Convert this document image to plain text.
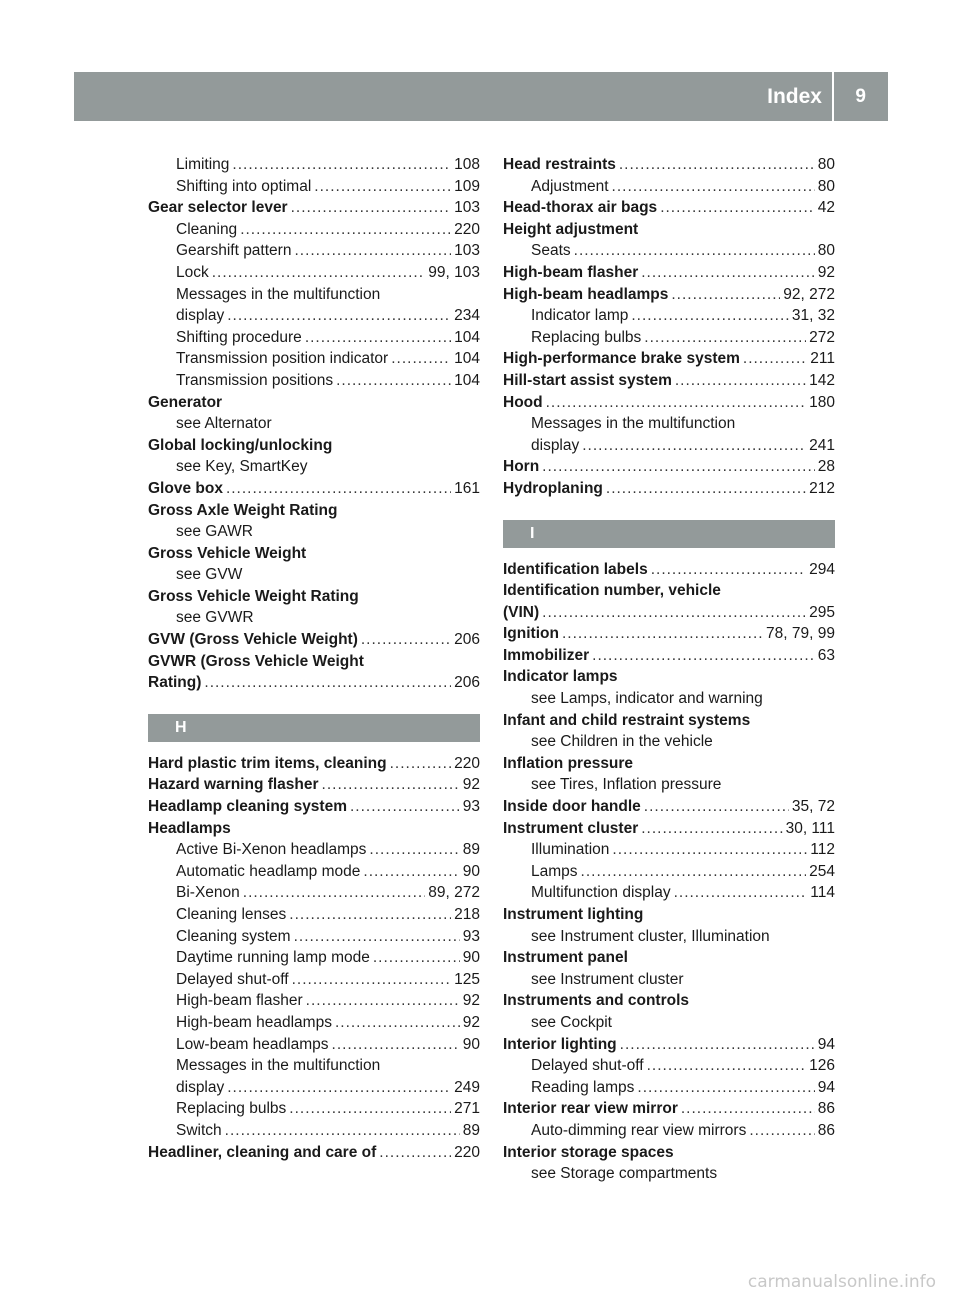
Index 9
Limiting .....	108
Shifting into optimal .....	109
Gear selector lever .....	103
Cleaning .....	220
Gearshift pattern .....	103
Lock .....	99, 103
Messages in the multifunction
display .....	234
Shifting procedure .....	104
Transmission position indicator .....	104
Transmission positions .....	104
Generator
see Alternator
Global locking/unlocking
see Key, SmartKey
Glove box .....	161
Gross Axle Weight Rating
see GAWR
Gross Vehicle Weight
see GVW
Gross Vehicle Weight Rating
see GVWR
GVW (Gross Vehicle Weight) .....	206
GVWR (Gross Vehicle Weight
Rating) .....	206
H
Hard plastic trim items, cleaning .....	220
Hazard warning flasher .....	92
Headlamp cleaning system .....	93
Headlamps
Active Bi-Xenon headlamps .....	89
Automatic headlamp mode .....	90
Bi-Xenon .....	89, 272
Cleaning lenses .....	218
Cleaning system .....	93
Daytime running lamp mode .....	90
Delayed shut-off .....	125
High-beam flasher .....	92
High-beam headlamps .....	92
Low-beam headlamps .....	90
Messages in the multifunction
display .....	249
Replacing bulbs .....	271
Switch .....	89
Headliner, cleaning and care of .....	220
Head restraints .....	80
Adjustment .....	80
Head-thorax air bags .....	42
Height adjustment
Seats .....	80
High-beam flasher .....	92
High-beam headlamps .....	92, 272
Indicator lamp .....	31, 32
Replacing bulbs .....	272
High-performance brake system .....	211
Hill-start assist system .....	142
Hood .....	180
Messages in the multifunction
display .....	241
Horn .....	28
Hydroplaning .....	212
I
Identification labels .....	294
Identification number, vehicle
(VIN) .....	295
Ignition .....	78, 79, 99
Immobilizer .....	63
Indicator lamps
see Lamps, indicator and warning
Infant and child restraint systems
see Children in the vehicle
Inflation pressure
see Tires, Inflation pressure
Inside door handle .....	35, 72
Instrument cluster .....	30, 111
Illumination .....	112
Lamps .....	254
Multifunction display .....	114
Instrument lighting
see Instrument cluster, Illumination
Instrument panel
see Instrument cluster
Instruments and controls
see Cockpit
Interior lighting .....	94
Delayed shut-off .....	126
Reading lamps .....	94
Interior rear view mirror .....	86
Auto-dimming rear view mirrors .....	86
Interior storage spaces
see Storage compartments
carmanualsonline.info
